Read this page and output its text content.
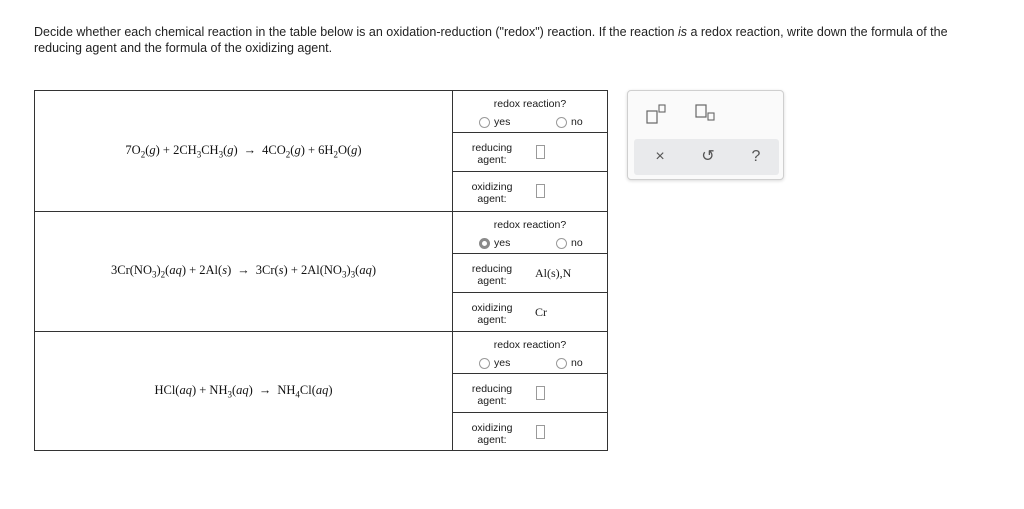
Decide whether each chemical reaction in the table below is an oxidation-reduction ("redox") reaction. If the reaction is a redox reaction, write down the formula of the reducing agent and the formula of the oxidizing agent.
$7O_2(g) + 2CH_3CH_3(g) \to 4CO_2(g) + 6H_2O(g)$
redox reaction?
yes	no
reducing agent:
oxidizing agent:
$3Cr(NO_3)_2(aq) + 2Al(s) \to 3Cr(s) + 2Al(NO_3)_3(aq)$
redox reaction?
yes	no
reducing agent:
Al(s),N
oxidizing agent:
Cr
$HCl(aq) + NH_3(aq) \to NH_4Cl(aq)$
redox reaction?
yes	no
reducing agent:
oxidizing agent:
×	↺	?
